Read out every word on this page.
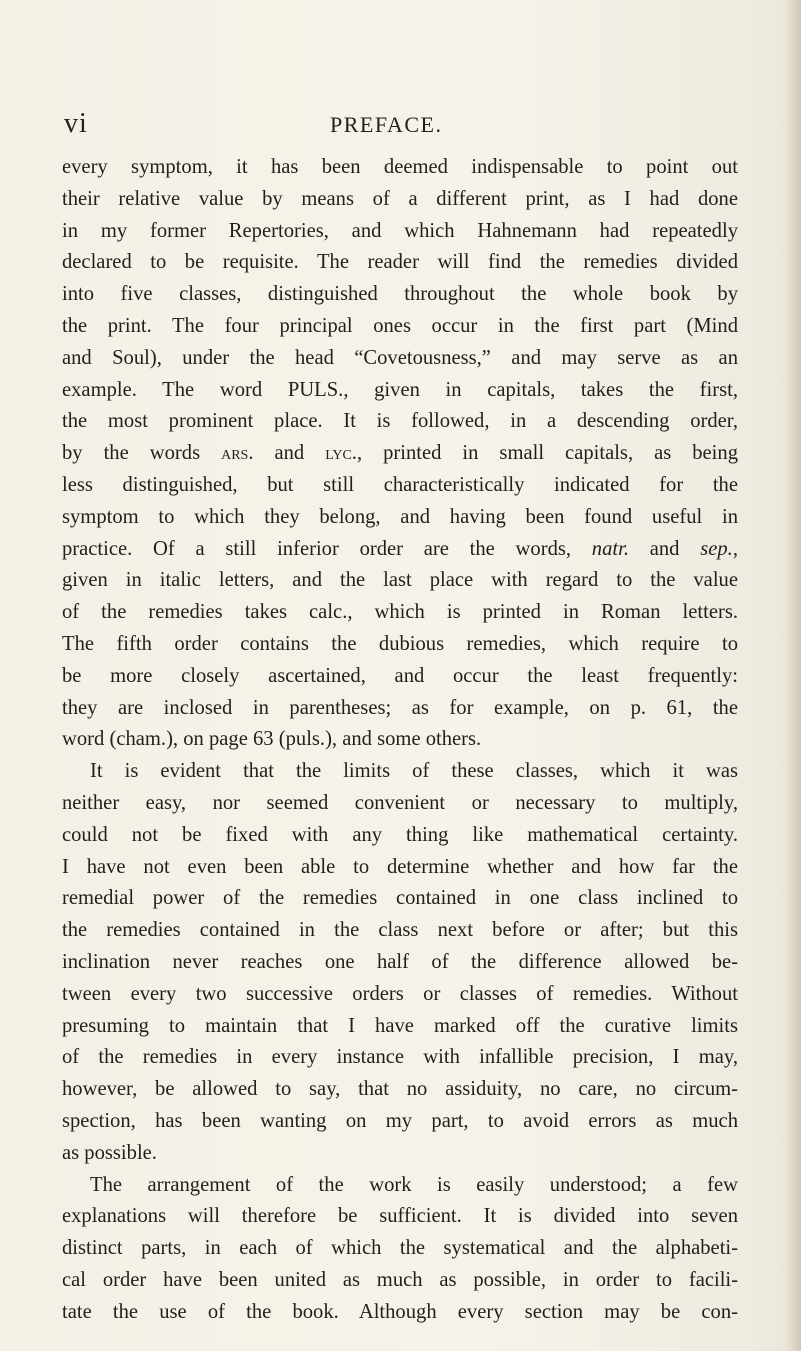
vi	PREFACE.
every symptom, it has been deemed indispensable to point out
their relative value by means of a different print, as I had done
in my former Repertories, and which Hahnemann had repeatedly
declared to be requisite. The reader will find the remedies divided
into five classes, distinguished throughout the whole book by
the print. The four principal ones occur in the first part (Mind
and Soul), under the head “Covetousness,” and may serve as an
example. The word PULS., given in capitals, takes the first,
the most prominent place. It is followed, in a descending order,
by the words ars. and lyc., printed in small capitals, as being
less distinguished, but still characteristically indicated for the
symptom to which they belong, and having been found useful in
practice. Of a still inferior order are the words, natr. and sep.,
given in italic letters, and the last place with regard to the value
of the remedies takes calc., which is printed in Roman letters.
The fifth order contains the dubious remedies, which require to
be more closely ascertained, and occur the least frequently:
they are inclosed in parentheses; as for example, on p. 61, the
word (cham.), on page 63 (puls.), and some others.
It is evident that the limits of these classes, which it was
neither easy, nor seemed convenient or necessary to multiply,
could not be fixed with any thing like mathematical certainty.
I have not even been able to determine whether and how far the
remedial power of the remedies contained in one class inclined to
the remedies contained in the class next before or after; but this
inclination never reaches one half of the difference allowed be-
tween every two successive orders or classes of remedies. Without
presuming to maintain that I have marked off the curative limits
of the remedies in every instance with infallible precision, I may,
however, be allowed to say, that no assiduity, no care, no circum-
spection, has been wanting on my part, to avoid errors as much
as possible.
The arrangement of the work is easily understood; a few
explanations will therefore be sufficient. It is divided into seven
distinct parts, in each of which the systematical and the alphabeti-
cal order have been united as much as possible, in order to facili-
tate the use of the book. Although every section may be con-
